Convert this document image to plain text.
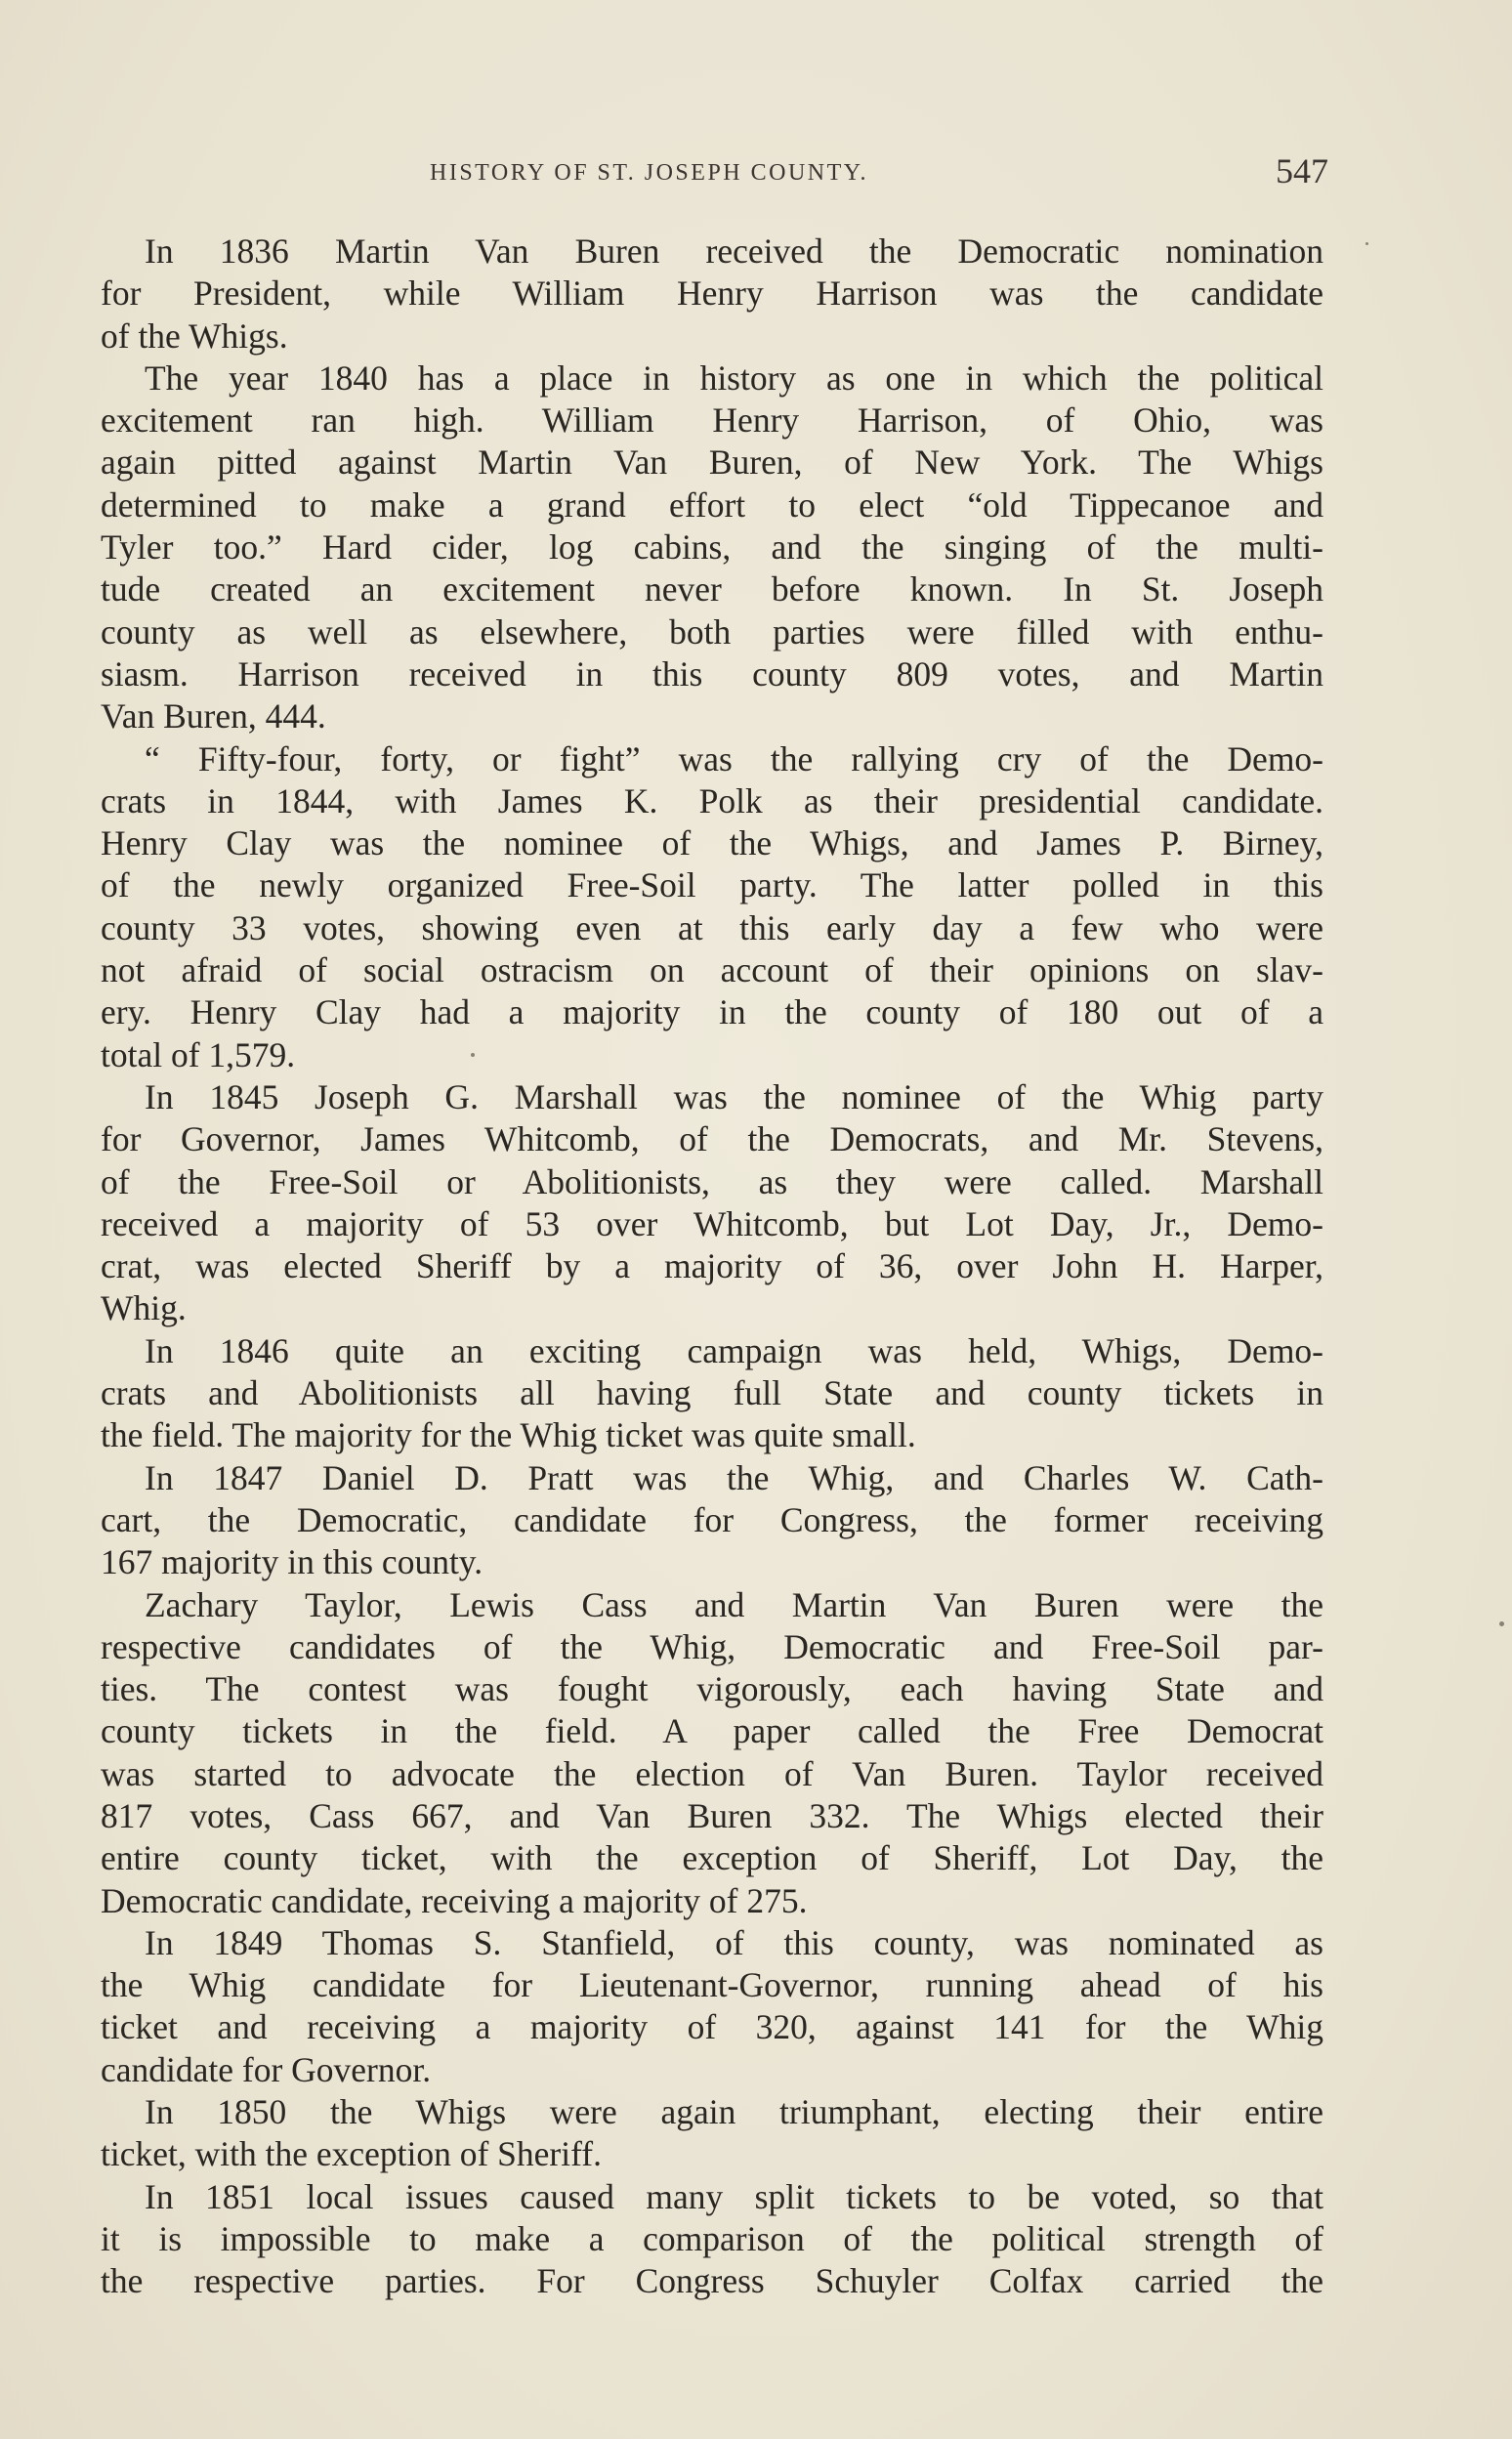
HISTORY OF ST. JOSEPH COUNTY.	547

In 1836 Martin Van Buren received the Democratic nomination
for President, while William Henry Harrison was the candidate
of the Whigs.

The year 1840 has a place in history as one in which the political
excitement ran high. William Henry Harrison, of Ohio, was
again pitted against Martin Van Buren, of New York. The Whigs
determined to make a grand effort to elect “old Tippecanoe and
Tyler too.” Hard cider, log cabins, and the singing of the multi-
tude created an excitement never before known. In St. Joseph
county as well as elsewhere, both parties were filled with enthu-
siasm. Harrison received in this county 809 votes, and Martin
Van Buren, 444.

“ Fifty-four, forty, or fight” was the rallying cry of the Demo-
crats in 1844, with James K. Polk as their presidential candidate.
Henry Clay was the nominee of the Whigs, and James P. Birney,
of the newly organized Free-Soil party. The latter polled in this
county 33 votes, showing even at this early day a few who were
not afraid of social ostracism on account of their opinions on slav-
ery. Henry Clay had a majority in the county of 180 out of a
total of 1,579.

In 1845 Joseph G. Marshall was the nominee of the Whig party
for Governor, James Whitcomb, of the Democrats, and Mr. Stevens,
of the Free-Soil or Abolitionists, as they were called. Marshall
received a majority of 53 over Whitcomb, but Lot Day, Jr., Demo-
crat, was elected Sheriff by a majority of 36, over John H. Harper,
Whig.

In 1846 quite an exciting campaign was held, Whigs, Demo-
crats and Abolitionists all having full State and county tickets in
the field. The majority for the Whig ticket was quite small.

In 1847 Daniel D. Pratt was the Whig, and Charles W. Cath-
cart, the Democratic, candidate for Congress, the former receiving
167 majority in this county.

Zachary Taylor, Lewis Cass and Martin Van Buren were the
respective candidates of the Whig, Democratic and Free-Soil par-
ties. The contest was fought vigorously, each having State and
county tickets in the field. A paper called the Free Democrat
was started to advocate the election of Van Buren. Taylor received
817 votes, Cass 667, and Van Buren 332. The Whigs elected their
entire county ticket, with the exception of Sheriff, Lot Day, the
Democratic candidate, receiving a majority of 275.

In 1849 Thomas S. Stanfield, of this county, was nominated as
the Whig candidate for Lieutenant-Governor, running ahead of his
ticket and receiving a majority of 320, against 141 for the Whig
candidate for Governor.

In 1850 the Whigs were again triumphant, electing their entire
ticket, with the exception of Sheriff.

In 1851 local issues caused many split tickets to be voted, so that
it is impossible to make a comparison of the political strength of
the respective parties. For Congress Schuyler Colfax carried the
